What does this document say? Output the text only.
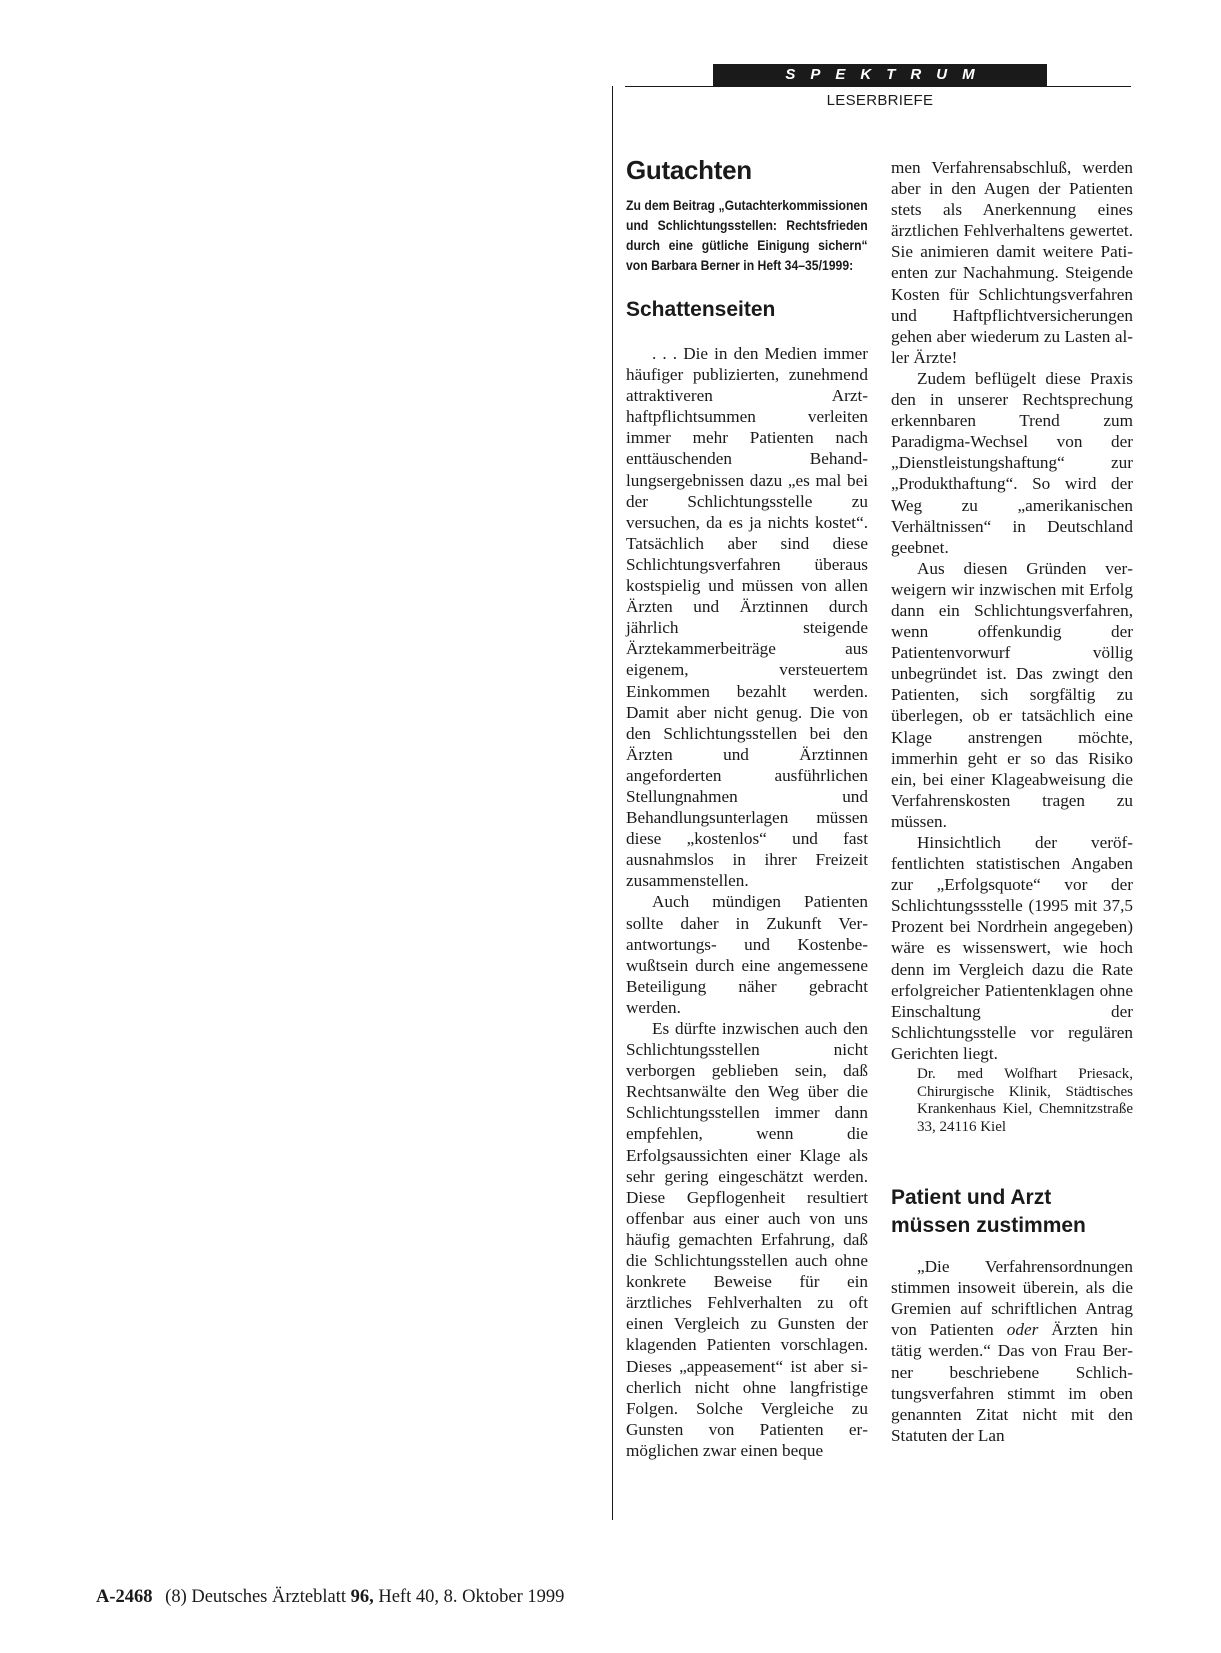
SPEKTRUM
LESERBRIEFE
Gutachten
Zu dem Beitrag „Gutachterkommissionen und Schlichtungsstellen: Rechtsfrieden durch eine gütliche Einigung sichern“ von Barbara Berner in Heft 34–35/1999:
Schattenseiten

. . . Die in den Medien immer häufiger publizierten, zunehmend attraktiveren Arzthaftpflichtsummen verleiten immer mehr Patienten nach enttäuschenden Behandlungsergebnissen dazu „es mal bei der Schlichtungsstelle zu versuchen, da es ja nichts kostet“. Tatsächlich aber sind diese Schlichtungsverfahren überaus kostspielig und müssen von allen Ärzten und Ärztinnen durch jährlich steigende Ärztekammerbeiträge aus eigenem, versteuertem Einkommen bezahlt werden. Damit aber nicht genug. Die von den Schlichtungsstellen bei den Ärzten und Ärztinnen angeforderten ausführlichen Stellungnahmen und Behandlungsunterlagen müssen diese „kostenlos“ und fast ausnahmslos in ihrer Freizeit zusammenstellen.

Auch mündigen Patienten sollte daher in Zukunft Verantwortungs- und Kostenbewußtsein durch eine angemessene Beteiligung näher gebracht werden.

Es dürfte inzwischen auch den Schlichtungsstellen nicht verborgen geblieben sein, daß Rechtsanwälte den Weg über die Schlichtungsstellen immer dann empfehlen, wenn die Erfolgsaussichten einer Klage als sehr gering eingeschätzt werden. Diese Gepflogenheit resultiert offenbar aus einer auch von uns häufig gemachten Erfahrung, daß die Schlichtungsstellen auch ohne konkrete Beweise für ein ärztliches Fehlverhalten zu oft einen Vergleich zu Gunsten der klagenden Patienten vorschlagen. Dieses „appeasement“ ist aber sicherlich nicht ohne langfristige Folgen. Solche Vergleiche zu Gunsten von Patienten ermöglichen zwar einen beque

men Verfahrensabschluß, werden aber in den Augen der Patienten stets als Anerkennung eines ärztlichen Fehlverhaltens gewertet. Sie animieren damit weitere Patienten zur Nachahmung. Steigende Kosten für Schlichtungsverfahren und Haftpflichtversicherungen gehen aber wiederum zu Lasten aller Ärzte!

Zudem beflügelt diese Praxis den in unserer Rechtsprechung erkennbaren Trend zum Paradigma-Wechsel von der „Dienstleistungshaftung“ zur „Produkthaftung“. So wird der Weg zu „amerikanischen Verhältnissen“ in Deutschland geebnet.

Aus diesen Gründen verweigern wir inzwischen mit Erfolg dann ein Schlichtungsverfahren, wenn offenkundig der Patientenvorwurf völlig unbegründet ist. Das zwingt den Patienten, sich sorgfältig zu überlegen, ob er tatsächlich eine Klage anstrengen möchte, immerhin geht er so das Risiko ein, bei einer Klageabweisung die Verfahrenskosten tragen zu müssen.

Hinsichtlich der veröffentlichten statistischen Angaben zur „Erfolgsquote“ vor der Schlichtungssstelle (1995 mit 37,5 Prozent bei Nordrhein angegeben) wäre es wissenswert, wie hoch denn im Vergleich dazu die Rate erfolgreicher Patientenklagen ohne Einschaltung der Schlichtungsstelle vor regulären Gerichten liegt.

Dr. med Wolfhart Priesack, Chirurgische Klinik, Städtisches Krankenhaus Kiel, Chemnitzstraße 33, 24116 Kiel
Patient und Arzt müssen zustimmen

„Die Verfahrensordnungen stimmen insoweit überein, als die Gremien auf schriftlichen Antrag von Patienten oder Ärzten hin tätig werden.“ Das von Frau Berner beschriebene Schlichtungsverfahren stimmt im oben genannten Zitat nicht mit den Statuten der Lan

A-2468 (8) Deutsches Ärzteblatt 96, Heft 40, 8. Oktober 1999
